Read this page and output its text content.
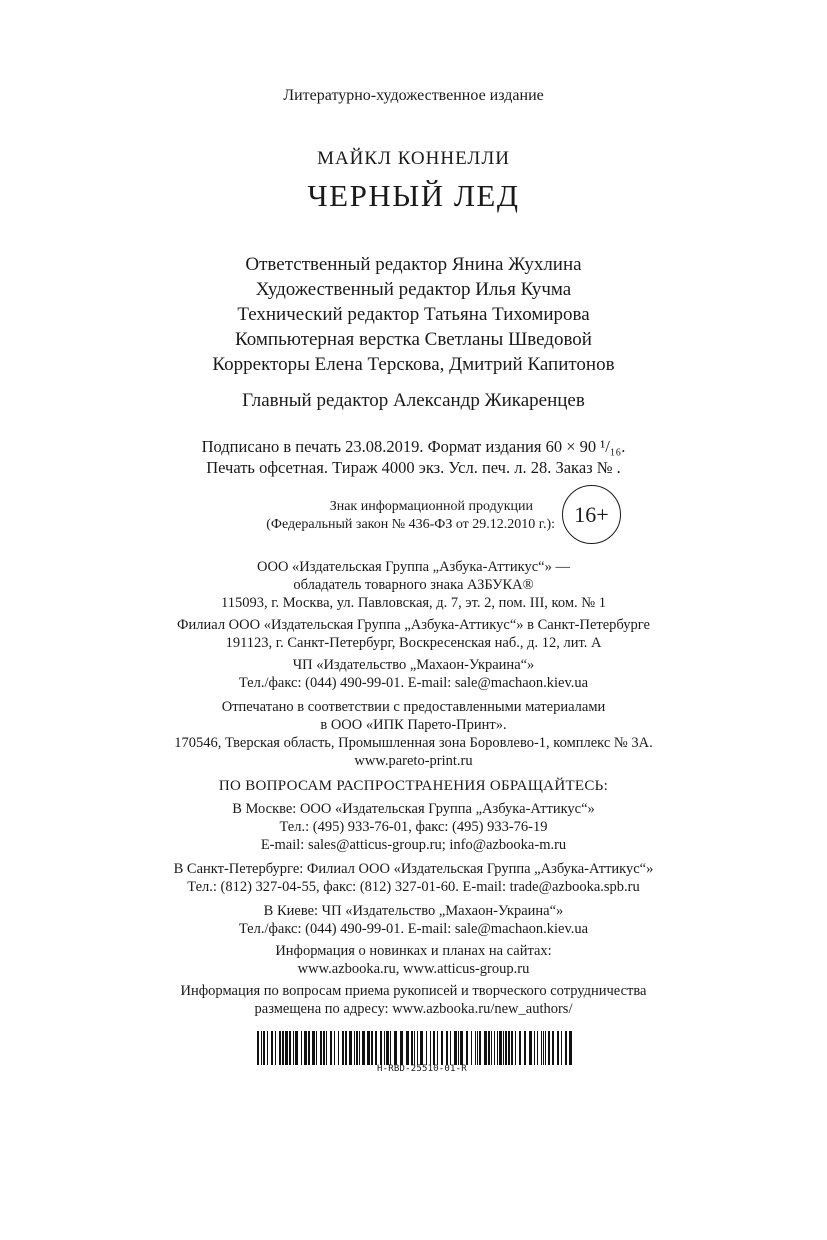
Литературно-художественное издание
МАЙКЛ КОННЕЛЛИ
ЧЕРНЫЙ ЛЕД
Ответственный редактор Янина Жухлина
Художественный редактор Илья Кучма
Технический редактор Татьяна Тихомирова
Компьютерная верстка Светланы Шведовой
Корректоры Елена Терскова, Дмитрий Капитонов
Главный редактор Александр Жикаренцев
Подписано в печать 23.08.2019. Формат издания 60 × 90 ¹/₁₆.
Печать офсетная. Тираж 4000 экз. Усл. печ. л. 28. Заказ № .
Знак информационной продукции
(Федеральный закон № 436-ФЗ от 29.12.2010 г.): 16+
ООО «Издательская Группа „Азбука-Аттикус“» —
обладатель товарного знака АЗБУКА®
115093, г. Москва, ул. Павловская, д. 7, эт. 2, пом. III, ком. № 1
Филиал ООО «Издательская Группа „Азбука-Аттикус“» в Санкт-Петербурге
191123, г. Санкт-Петербург, Воскресенская наб., д. 12, лит. А
ЧП «Издательство „Махаон-Украина“»
Тел./факс: (044) 490-99-01. E-mail: sale@machaon.kiev.ua
Отпечатано в соответствии с предоставленными материалами
в ООО «ИПК Парето-Принт».
170546, Тверская область, Промышленная зона Боровлево-1, комплекс № 3А.
www.pareto-print.ru
ПО ВОПРОСАМ РАСПРОСТРАНЕНИЯ ОБРАЩАЙТЕСЬ:
В Москве: ООО «Издательская Группа „Азбука-Аттикус“»
Тел.: (495) 933-76-01, факс: (495) 933-76-19
E-mail: sales@atticus-group.ru; info@azbooka-m.ru
В Санкт-Петербурге: Филиал ООО «Издательская Группа „Азбука-Аттикус“»
Тел.: (812) 327-04-55, факс: (812) 327-01-60. E-mail: trade@azbooka.spb.ru
В Киеве: ЧП «Издательство „Махаон-Украина“»
Тел./факс: (044) 490-99-01. E-mail: sale@machaon.kiev.ua
Информация о новинках и планах на сайтах:
www.azbooka.ru, www.atticus-group.ru
Информация по вопросам приема рукописей и творческого сотрудничества
размещена по адресу: www.azbooka.ru/new_authors/
H-RBD-25510-01-R
